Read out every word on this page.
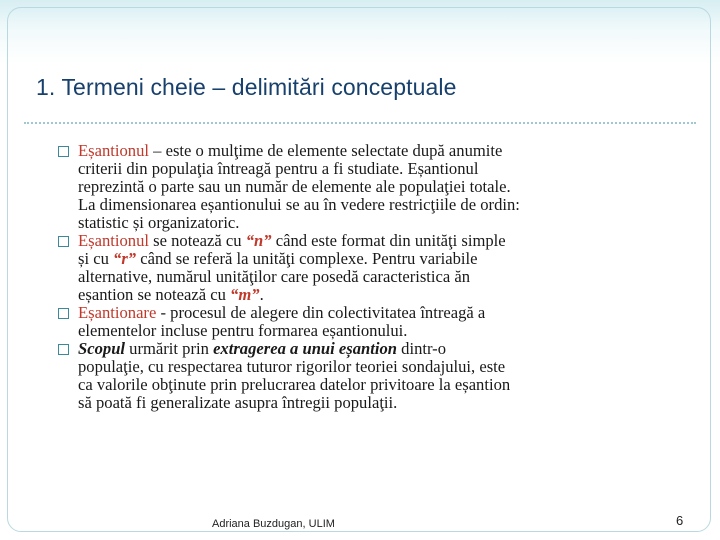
1. Termeni cheie – delimitări conceptuale
Eșantionul – este o mulţime de elemente selectate după anumite
criterii din populaţia întreagă pentru a fi studiate. Eșantionul
reprezintă o parte sau un număr de elemente ale populaţiei totale.
La dimensionarea eșantionului se au în vedere restricţiile de ordin:
statistic și organizatoric.
Eșantionul se notează cu “n” când este format din unităţi simple
și cu “r” când se referă la unităţi complexe. Pentru variabile
alternative, numărul unităţilor care posedă caracteristica ăn
eșantion se notează cu “m”.
Eșantionare - procesul de alegere din colectivitatea întreagă a
elementelor incluse pentru formarea eșantionului.
Scopul urmărit prin extragerea a unui eșantion dintr-o
populaţie, cu respectarea tuturor rigorilor teoriei sondajului, este
ca valorile obţinute prin prelucrarea datelor privitoare la eșantion
să poată fi generalizate asupra întregii populaţii.
Adriana Buzdugan, ULIM	6
